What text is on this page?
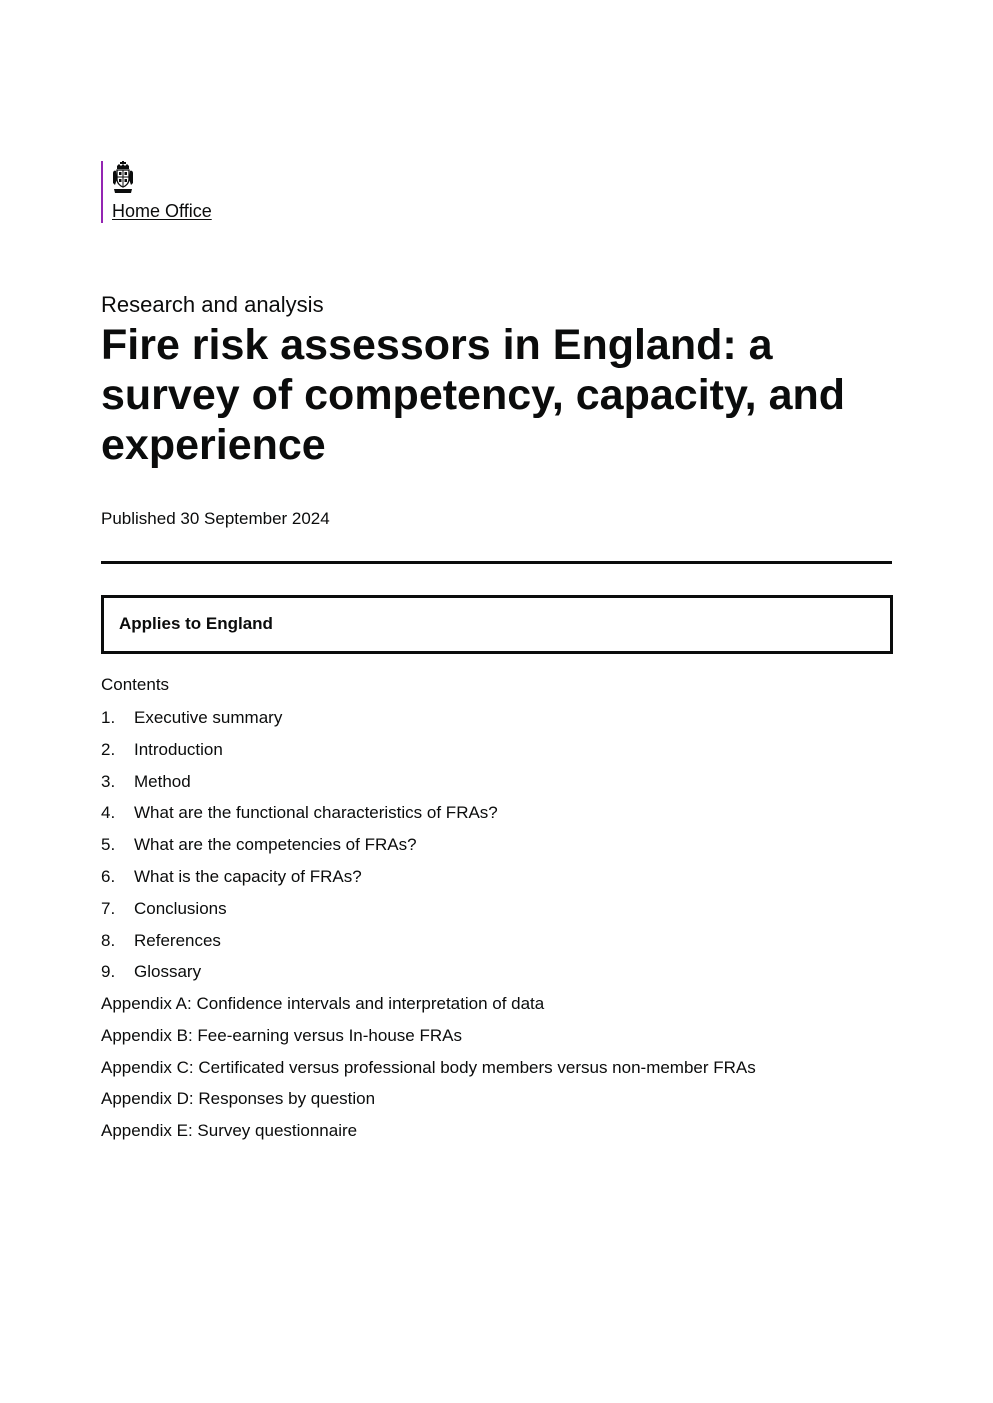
Home Office
Research and analysis
Fire risk assessors in England: a survey of competency, capacity, and experience
Published 30 September 2024
Applies to England
Contents
1. Executive summary
2. Introduction
3. Method
4. What are the functional characteristics of FRAs?
5. What are the competencies of FRAs?
6. What is the capacity of FRAs?
7. Conclusions
8. References
9. Glossary
Appendix A: Confidence intervals and interpretation of data
Appendix B: Fee-earning versus In-house FRAs
Appendix C: Certificated versus professional body members versus non-member FRAs
Appendix D: Responses by question
Appendix E: Survey questionnaire
